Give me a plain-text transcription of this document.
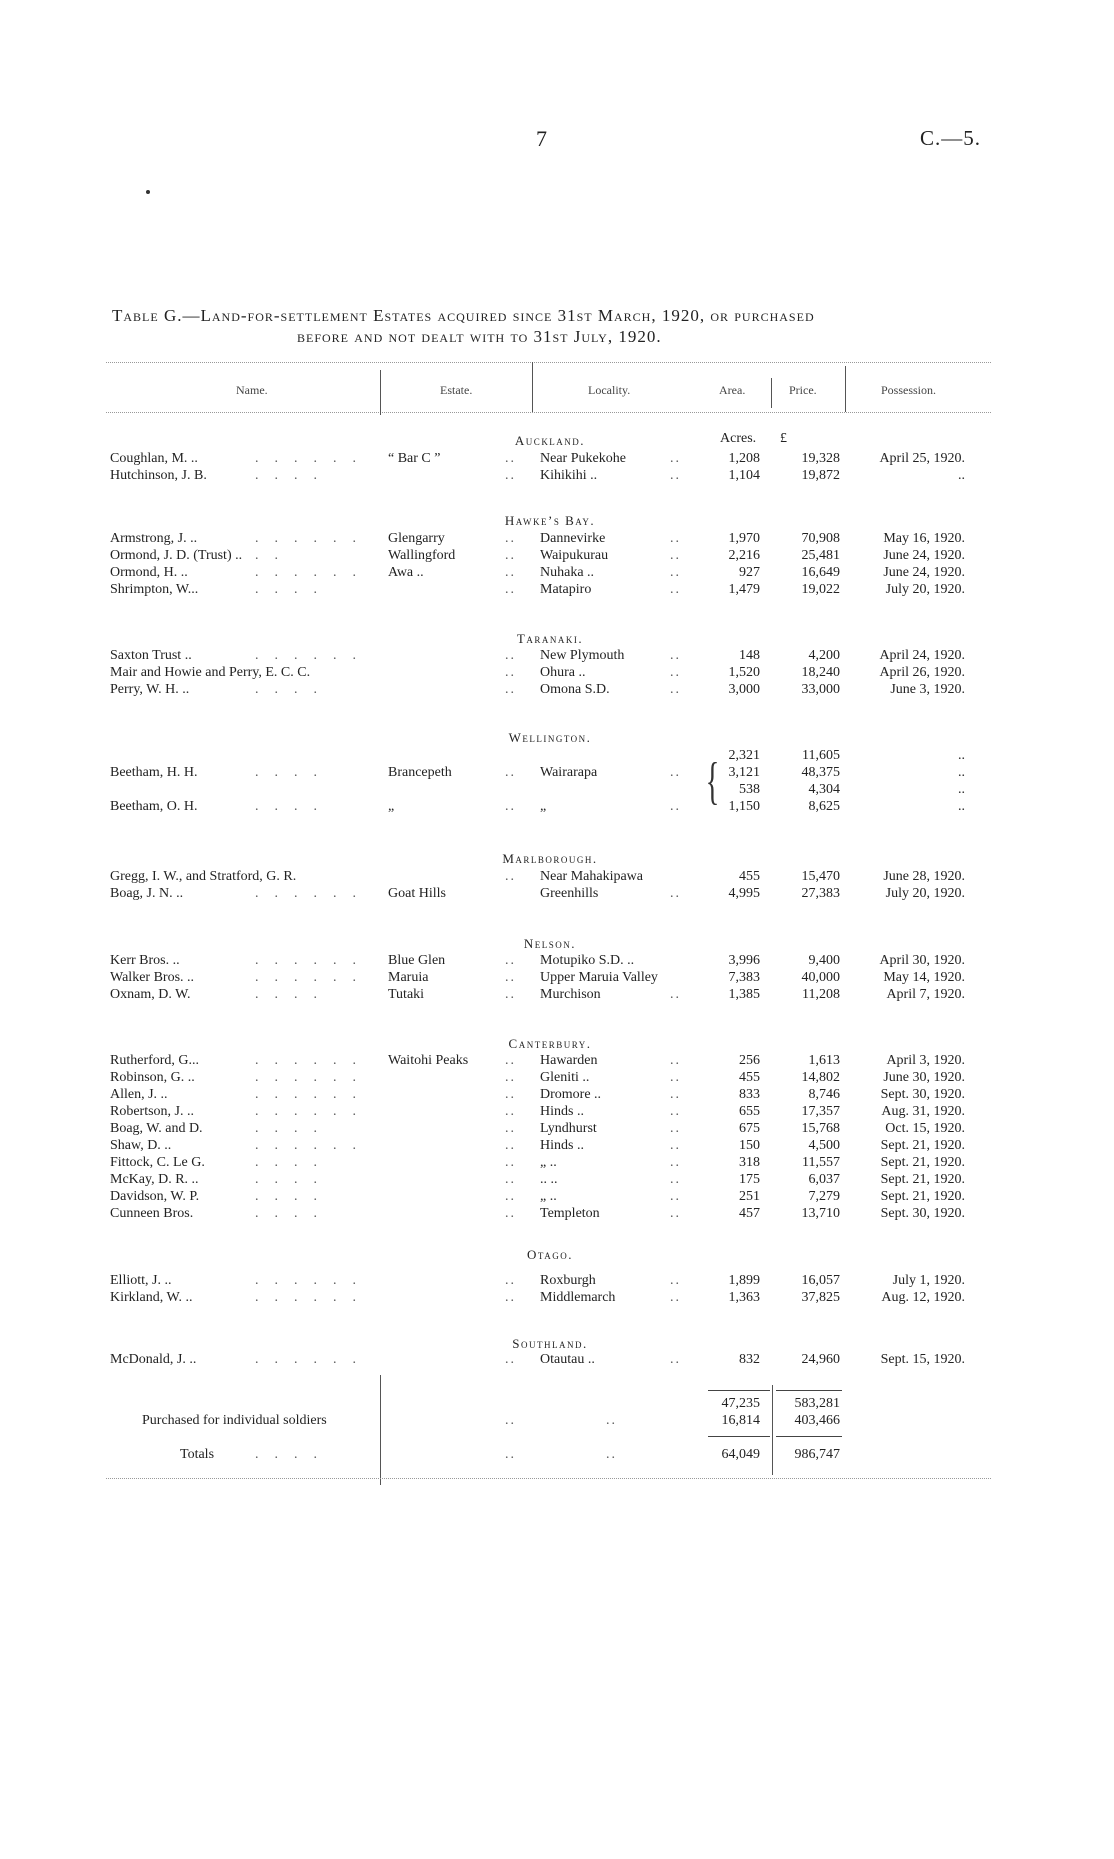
7	C.—5.
Table G.—Land-for-settlement Estates acquired since 31st March, 1920, or purchased
before and not dealt with to 31st July, 1920.
Name.	Estate.	Locality.	Area.	Price.	Possession.
Acres. £
{
Auckland.
Coughlan, M. ..	...... “ Bar C ”	.. Near Pukekohe	..	1,208	19,328	April 25, 1920.
Hutchinson, J. B.	....	.. Kihikihi ..	..	1,104	19,872	..
Hawke’s Bay.
Armstrong, J. ..	...... Glengarry	.. Dannevirke	..	1,970	70,908	May 16, 1920.
Ormond, J. D. (Trust) .. ..	Wallingford	.. Waipukurau	..	2,216	25,481	June 24, 1920.
Ormond, H. ..	...... Awa ..	.. Nuhaka ..	..	927	16,649	June 24, 1920.
Shrimpton, W...	....	.. Matapiro	..	1,479	19,022	July 20, 1920.
Taranaki.
Saxton Trust ..	......	.. New Plymouth	..	148	4,200	April 24, 1920.
Mair and Howie and Perry, E. C. C.	.. Ohura ..	..	1,520	18,240	April 26, 1920.
Perry, W. H. ..	....	.. Omona S.D.	..	3,000	33,000	June 3, 1920.
Wellington.
2,321	11,605	..
Beetham, H. H.	....	Brancepeth	.. Wairarapa	..	3,121	48,375	..
538	4,304	..
Beetham, O. H.	....	„	.. „	..	1,150	8,625	..
Marlborough.
Gregg, I. W., and Stratford, G. R.	.. Near Mahakipawa	455	15,470	June 28, 1920.
Boag, J. N. ..	...... Goat Hills	Greenhills	..	4,995	27,383	July 20, 1920.
Nelson.
Kerr Bros. ..	...... Blue Glen	.. Motupiko S.D. ..	3,996	9,400	April 30, 1920.
Walker Bros. ..	...... Maruia	.. Upper Maruia Valley	7,383	40,000	May 14, 1920.
Oxnam, D. W.	....	Tutaki	.. Murchison	..	1,385	11,208	April 7, 1920.
Canterbury.
Rutherford, G...	...... Waitohi Peaks	.. Hawarden	..	256	1,613	April 3, 1920.
Robinson, G. ..	......	.. Gleniti ..	..	455	14,802	June 30, 1920.
Allen, J. ..	......	.. Dromore ..	..	833	8,746	Sept. 30, 1920.
Robertson, J. ..	......	.. Hinds ..	..	655	17,357	Aug. 31, 1920.
Boag, W. and D.	....	.. Lyndhurst	..	675	15,768	Oct. 15, 1920.
Shaw, D. ..	......	.. Hinds ..	..	150	4,500	Sept. 21, 1920.
Fittock, C. Le G.	....	.. „ ..	..	318	11,557	Sept. 21, 1920.
McKay, D. R. ..	....	.. .. ..	..	175	6,037	Sept. 21, 1920.
Davidson, W. P.	....	.. „ ..	..	251	7,279	Sept. 21, 1920.
Cunneen Bros.	....	.. Templeton	..	457	13,710	Sept. 30, 1920.
Otago.
Elliott, J. ..	......	.. Roxburgh	..	1,899	16,057	July 1, 1920.
Kirkland, W. ..	......	.. Middlemarch	..	1,363	37,825	Aug. 12, 1920.
Southland.
McDonald, J. ..	......	.. Otautau ..	..	832	24,960	Sept. 15, 1920.
47,235	583,281
Purchased for individual soldiers	..	..	16,814	403,466
Totals	....	..	..	64,049	986,747
